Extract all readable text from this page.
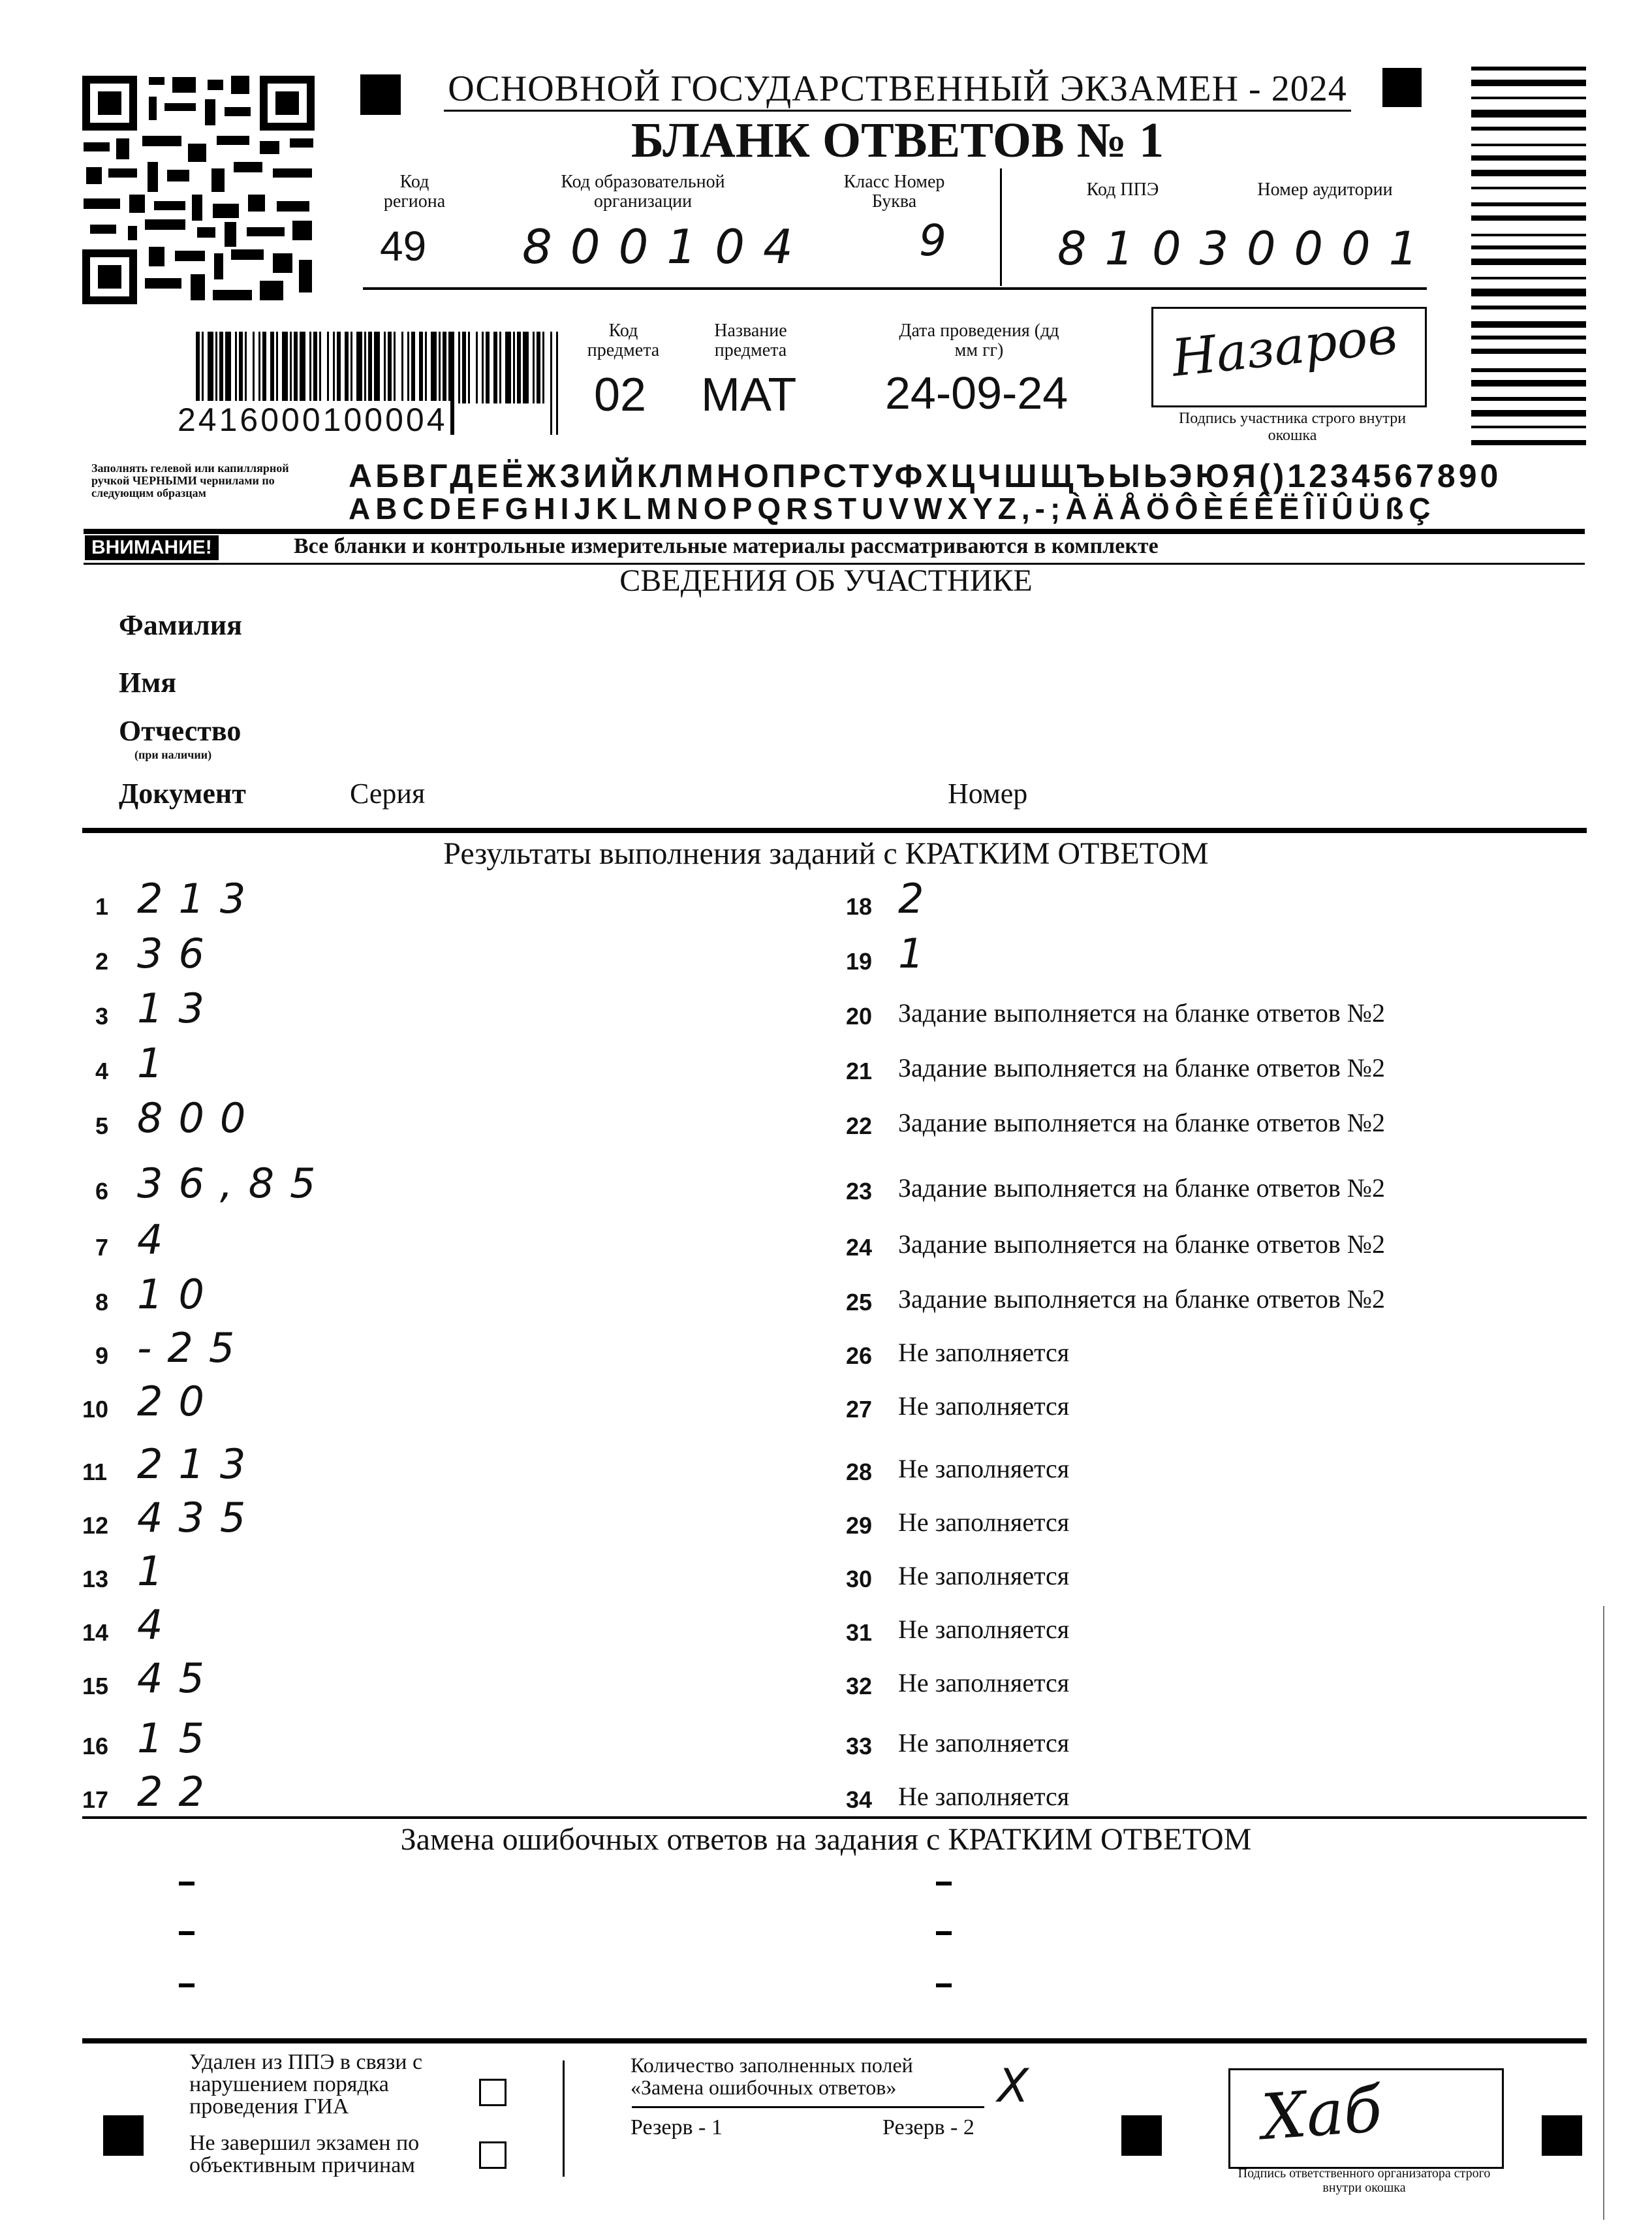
ОСНОВНОЙ ГОСУДАРСТВЕННЫЙ ЭКЗАМЕН - 2024
БЛАНК ОТВЕТОВ № 1
Код региона
49
Код образовательной организации
800104
Класс Номер Буква
9
Код ППЭ
8103
Номер аудитории
0001
2416000100004
Код предмета
02
Название предмета
МАТ
Дата проведения (дд мм гг)
24-09-24
Назаров
Подпись участника строго внутри окошка
Заполнять гелевой или капиллярной ручкой ЧЕРНЫМИ чернилами по следующим образцам	АБВГДЕЁЖЗИЙКЛМНОПРСТУФХЦЧШЩЪЫЬЭЮЯ()1234567890
ABCDEFGHIJKLMNOPQRSTUVWXYZ,-;ÀÄÅÖÔÈÉÊËÎÏÛÜßÇ
ВНИМАНИЕ!	Все бланки и контрольные измерительные материалы рассматриваются в комплекте
СВЕДЕНИЯ ОБ УЧАСТНИКЕ
Фамилия
Имя
Отчество
(при наличии)
Документ	Серия	Номер
Результаты выполнения заданий с КРАТКИМ ОТВЕТОМ
1 213
2 36
3 13
4 1
5 800
6 36,85
7 4
8 10
9 -25
10 20
11 213
12 435
13 1
14 4
15 45
16 15
17 22
18 2
19 1
20 Задание выполняется на бланке ответов №2
21 Задание выполняется на бланке ответов №2
22 Задание выполняется на бланке ответов №2
23 Задание выполняется на бланке ответов №2
24 Задание выполняется на бланке ответов №2
25 Задание выполняется на бланке ответов №2
26 Не заполняется
27 Не заполняется
28 Не заполняется
29 Не заполняется
30 Не заполняется
31 Не заполняется
32 Не заполняется
33 Не заполняется
34 Не заполняется
Замена ошибочных ответов на задания с КРАТКИМ ОТВЕТОМ
Удален из ППЭ в связи с нарушением порядка проведения ГИА
Не завершил экзамен по объективным причинам
Количество заполненных полей «Замена ошибочных ответов»	X
Резерв - 1	Резерв - 2	Хаб
Подпись ответственного организатора строго внутри окошка
